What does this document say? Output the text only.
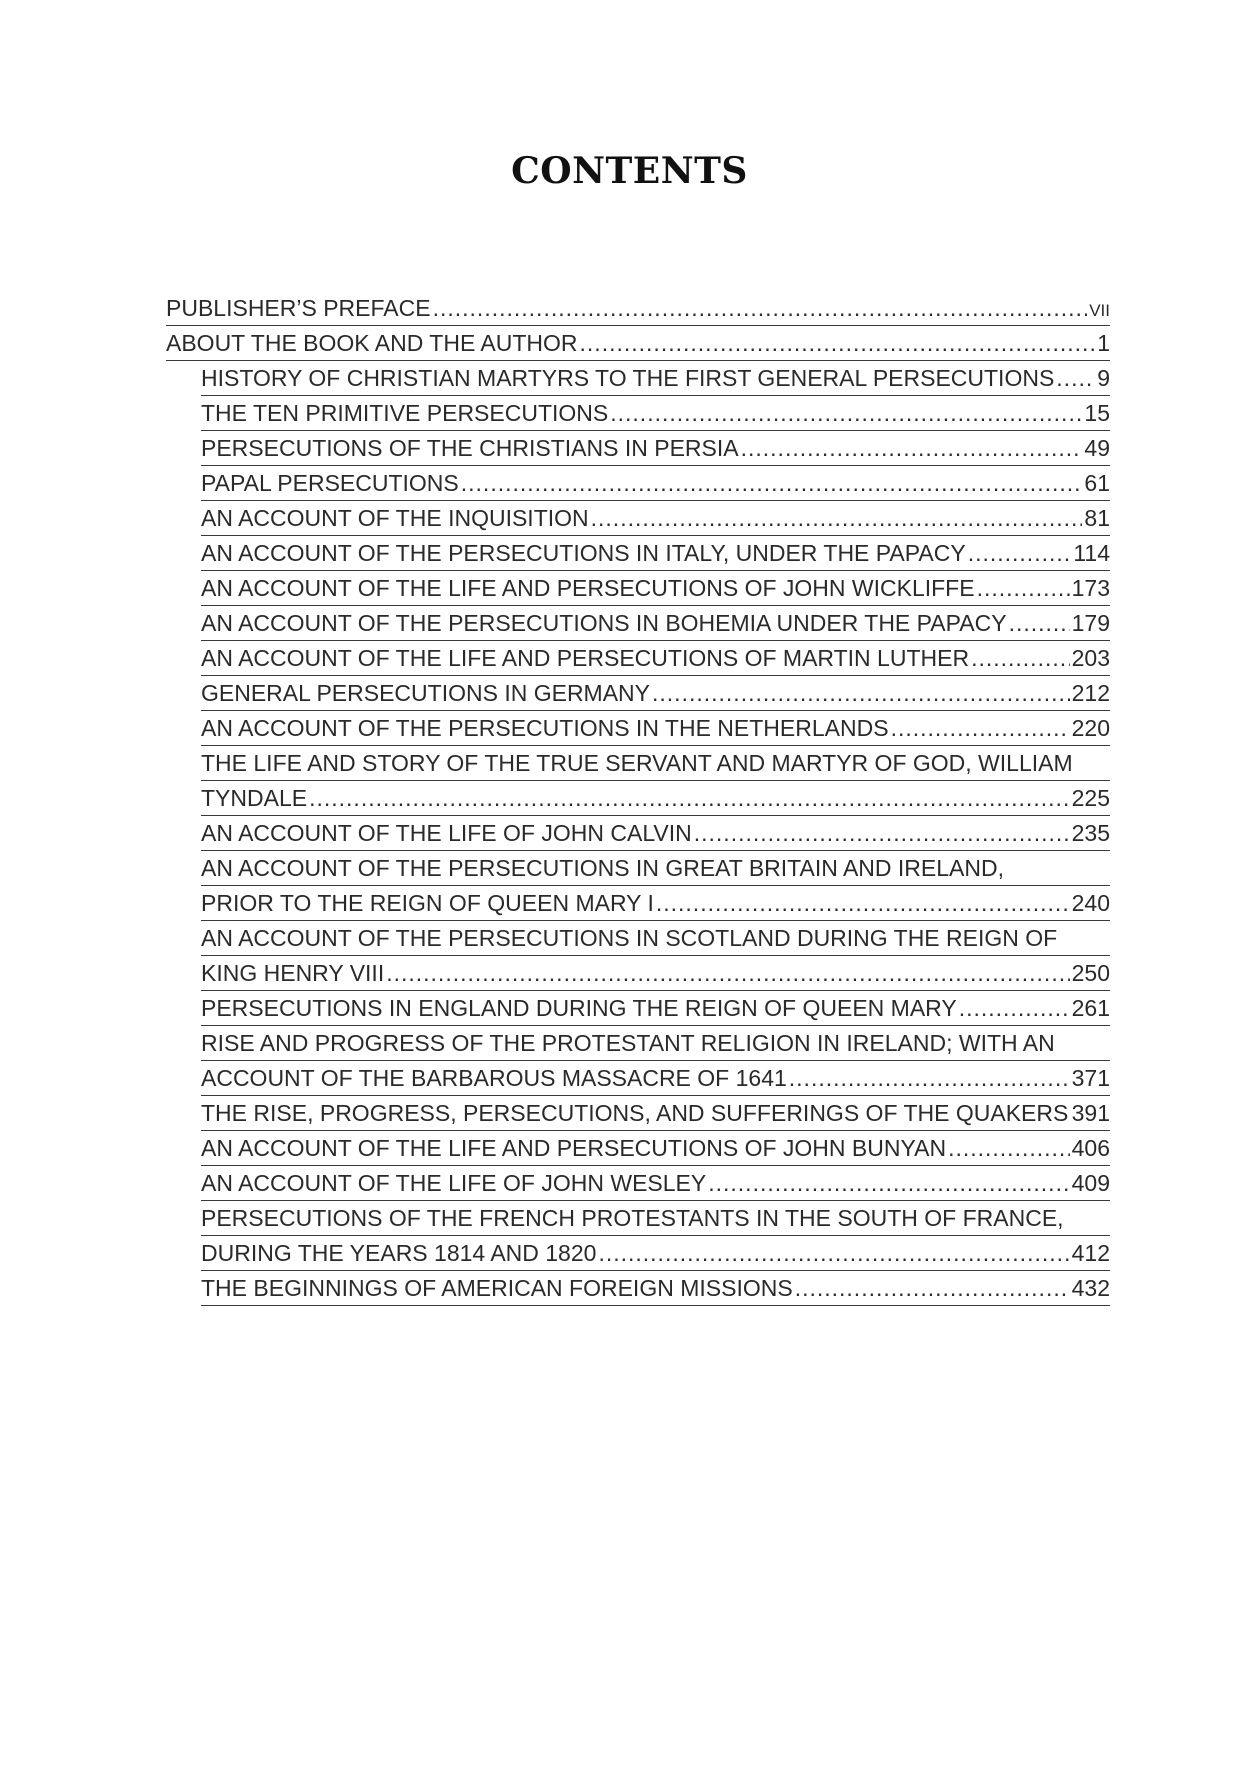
CONTENTS
PUBLISHER’S PREFACE .....	VII
ABOUT THE BOOK AND THE AUTHOR .....	1
HISTORY OF CHRISTIAN MARTYRS TO THE FIRST GENERAL PERSECUTIONS ..... 9
THE TEN PRIMITIVE PERSECUTIONS .....	15
PERSECUTIONS OF THE CHRISTIANS IN PERSIA .....	49
PAPAL PERSECUTIONS .....	61
AN ACCOUNT OF THE INQUISITION .....	81
AN ACCOUNT OF THE PERSECUTIONS IN ITALY, UNDER THE PAPACY .....	114
AN ACCOUNT OF THE LIFE AND PERSECUTIONS OF JOHN WICKLIFFE .....	173
AN ACCOUNT OF THE PERSECUTIONS IN BOHEMIA UNDER THE PAPACY .....	179
AN ACCOUNT OF THE LIFE AND PERSECUTIONS OF MARTIN LUTHER .....	203
GENERAL PERSECUTIONS IN GERMANY .....	212
AN ACCOUNT OF THE PERSECUTIONS IN THE NETHERLANDS .....	220
THE LIFE AND STORY OF THE TRUE SERVANT AND MARTYR OF GOD, WILLIAM
TYNDALE .....	225
AN ACCOUNT OF THE LIFE OF JOHN CALVIN .....	235
AN ACCOUNT OF THE PERSECUTIONS IN GREAT BRITAIN AND IRELAND,
PRIOR TO THE REIGN OF QUEEN MARY I .....	240
AN ACCOUNT OF THE PERSECUTIONS IN SCOTLAND DURING THE REIGN OF
KING HENRY VIII .....	250
PERSECUTIONS IN ENGLAND DURING THE REIGN OF QUEEN MARY .....	261
RISE AND PROGRESS OF THE PROTESTANT RELIGION IN IRELAND; WITH AN
ACCOUNT OF THE BARBAROUS MASSACRE OF 1641 .....	371
THE RISE, PROGRESS, PERSECUTIONS, AND SUFFERINGS OF THE QUAKERS 391
AN ACCOUNT OF THE LIFE AND PERSECUTIONS OF JOHN BUNYAN .....	406
AN ACCOUNT OF THE LIFE OF JOHN WESLEY .....	409
PERSECUTIONS OF THE FRENCH PROTESTANTS IN THE SOUTH OF FRANCE,
DURING THE YEARS 1814 AND 1820 .....	412
THE BEGINNINGS OF AMERICAN FOREIGN MISSIONS .....	432
